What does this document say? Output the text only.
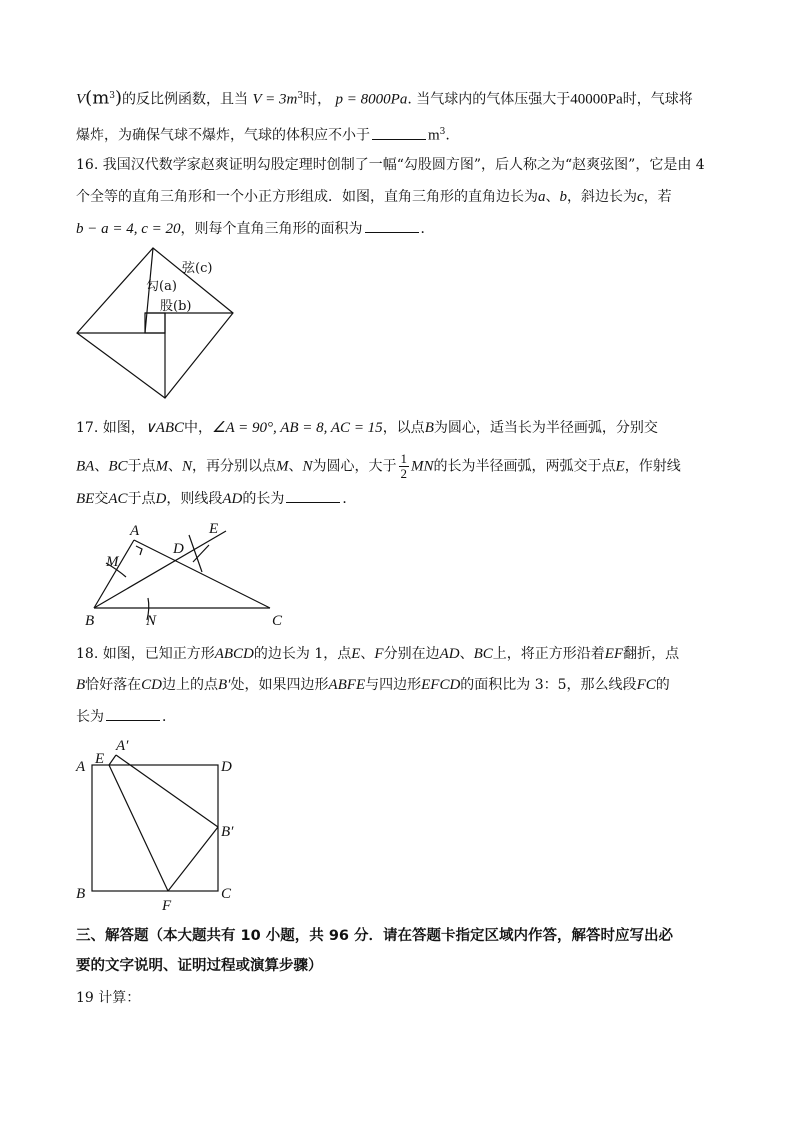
$V(m^3)$的反比例函数，且当 $V = 3m^3$时， p = 8000Pa. 当气球内的气体压强大于40000Pa时，气球将
爆炸，为确保气球不爆炸，气球的体积应不小于	$m^3$.
16. 我国汉代数学家赵爽证明勾股定理时创制了一幅“勾股圆方图”，后人称之为“赵爽弦图”，它是由 4
个全等的直角三角形和一个小正方形组成．如图，直角三角形的直角边长为a、b，斜边长为c，若
b − a = 4, c = 20，则每个直角三角形的面积为	．
弦(c)
勾(a)
股(b)
17. 如图，∨ABC中，∠A = 90°, AB = 8, AC = 15，以点B为圆心，适当长为半径画弧，分别交
BA、BC于点M、N，再分别以点M、N为圆心，大于 $\frac{1}{2}$ MN的长为半径画弧，两弧交于点E，作射线
BE交AC于点D，则线段AD的长为	．
A
M
D
E
B	N	C
18. 如图，已知正方形ABCD的边长为 1，点E、F分别在边AD、BC上，将正方形沿着EF翻折，点
B恰好落在CD边上的点B′处，如果四边形ABFE与四边形EFCD的面积比为 3：5，那么线段FC的
长为	．
A E
A′
D
B′
B
F
C
三、解答题（本大题共有 10 小题，共 96 分．请在答题卡指定区域内作答，解答时应写出必
要的文字说明、证明过程或演算步骤）
19 计算：
